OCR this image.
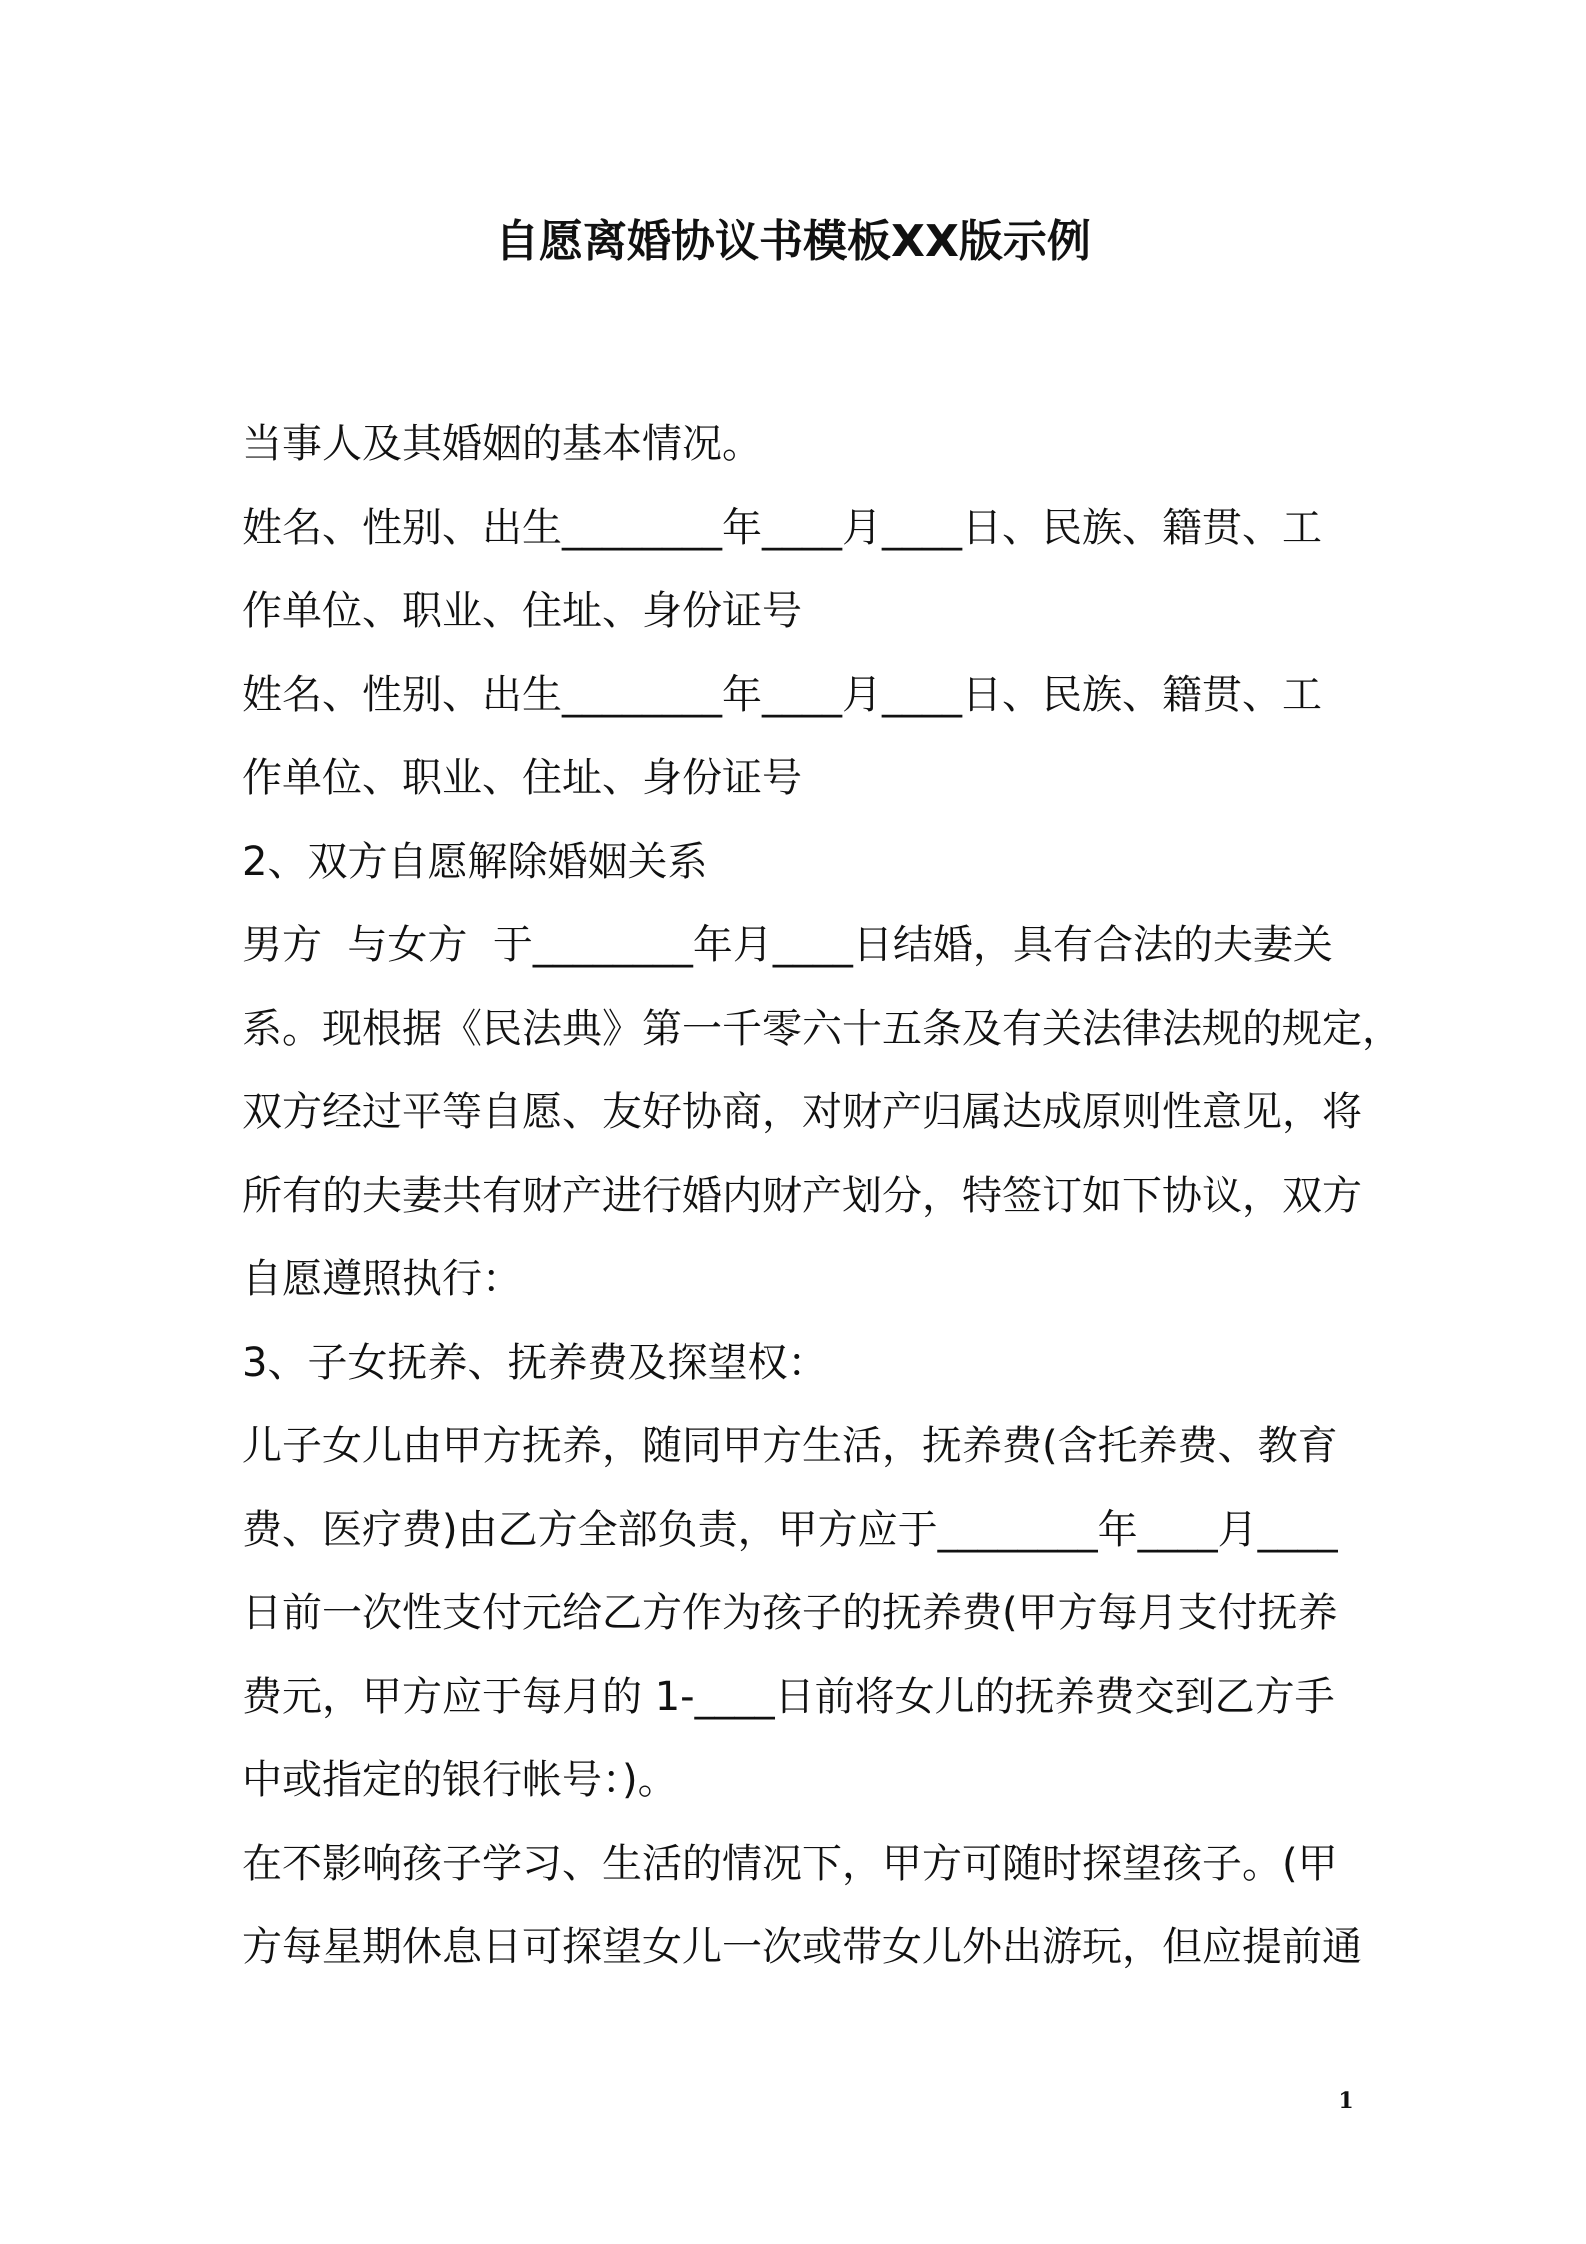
自愿离婚协议书模板XX版示例
当事人及其婚姻的基本情况。
姓名、性别、出生________年____月____日、民族、籍贯、工
作单位、职业、住址、身份证号
姓名、性别、出生________年____月____日、民族、籍贯、工
作单位、职业、住址、身份证号
2、双方自愿解除婚姻关系
男方  与女方  于________年月____日结婚，具有合法的夫妻关
系。现根据《民法典》第一千零六十五条及有关法律法规的规定，
双方经过平等自愿、友好协商，对财产归属达成原则性意见，将
所有的夫妻共有财产进行婚内财产划分，特签订如下协议，双方
自愿遵照执行：
3、子女抚养、抚养费及探望权：
儿子女儿由甲方抚养，随同甲方生活，抚养费(含托养费、教育
费、医疗费)由乙方全部负责，甲方应于________年____月____
日前一次性支付元给乙方作为孩子的抚养费(甲方每月支付抚养
费元，甲方应于每月的 1-____日前将女儿的抚养费交到乙方手
中或指定的银行帐号：)。
在不影响孩子学习、生活的情况下，甲方可随时探望孩子。(甲
方每星期休息日可探望女儿一次或带女儿外出游玩，但应提前通
1
